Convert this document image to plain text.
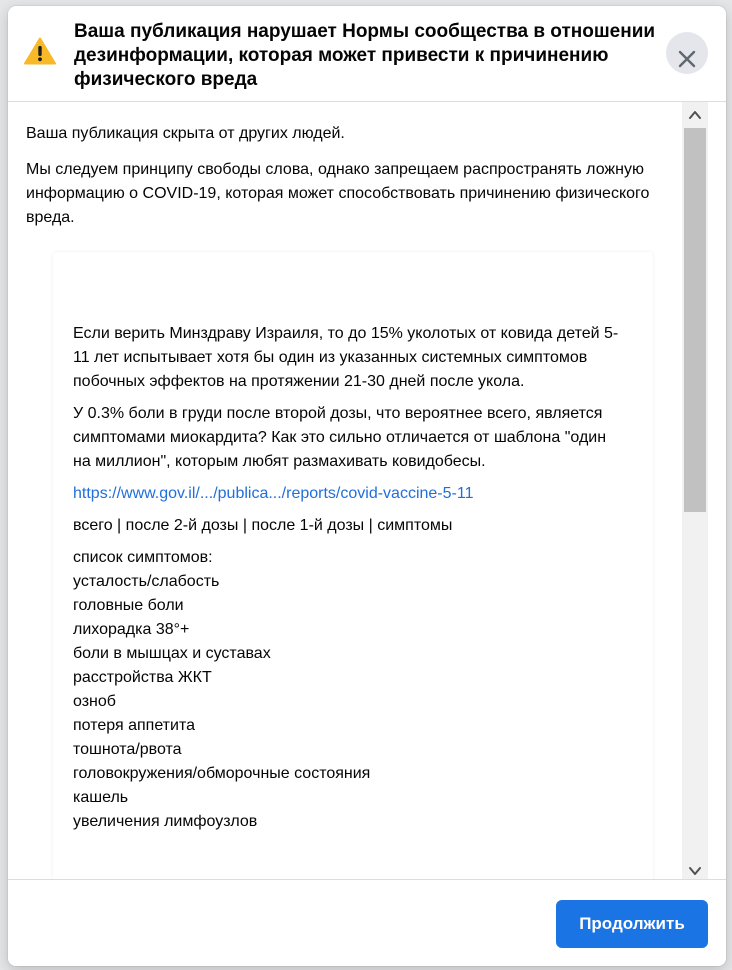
Ваша публикация нарушает Нормы сообщества в отношении дезинформации, которая может привести к причинению физического вреда

Ваша публикация скрыта от других людей.

Мы следуем принципу свободы слова, однако запрещаем распространять ложную информацию о COVID-19, которая может способствовать причинению физического вреда.

Если верить Минздраву Израиля, то до 15% уколотых от ковида детей 5-11 лет испытывает хотя бы один из указанных системных симптомов побочных эффектов на протяжении 21-30 дней после укола.

У 0.3% боли в груди после второй дозы, что вероятнее всего, является симптомами миокардита? Как это сильно отличается от шаблона "один на миллион", которым любят размахивать ковидобесы.

https://www.gov.il/.../publica.../reports/covid-vaccine-5-11

всего | после 2-й дозы | после 1-й дозы | симптомы

список симптомов:
усталость/слабость
головные боли
лихорадка 38°+
боли в мышцах и суставах
расстройства ЖКТ
озноб
потеря аппетита
тошнота/рвота
головокружения/обморочные состояния
кашель
увеличения лимфоузлов
Продолжить
